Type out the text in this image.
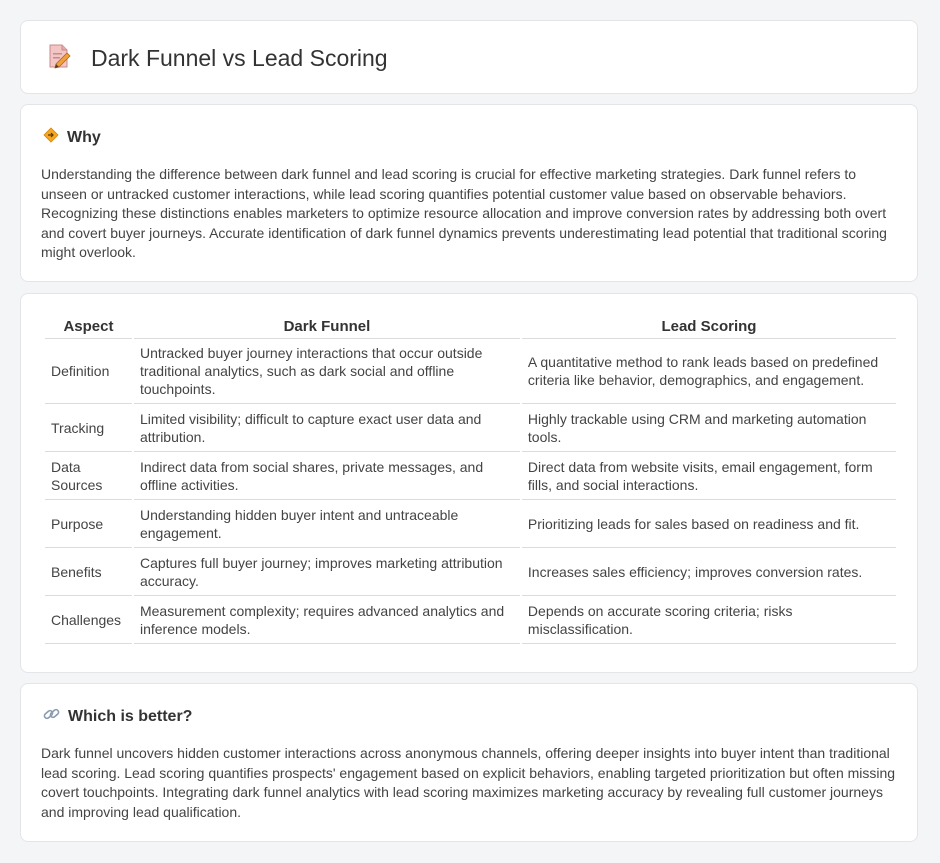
Dark Funnel vs Lead Scoring
Why

Understanding the difference between dark funnel and lead scoring is crucial for effective marketing strategies. Dark funnel refers to unseen or untracked customer interactions, while lead scoring quantifies potential customer value based on observable behaviors. Recognizing these distinctions enables marketers to optimize resource allocation and improve conversion rates by addressing both overt and covert buyer journeys. Accurate identification of dark funnel dynamics prevents underestimating lead potential that traditional scoring might overlook.

Aspect	Dark Funnel	Lead Scoring
Definition	Untracked buyer journey interactions that occur outside traditional analytics, such as dark social and offline touchpoints.	A quantitative method to rank leads based on predefined criteria like behavior, demographics, and engagement.
Tracking	Limited visibility; difficult to capture exact user data and attribution.	Highly trackable using CRM and marketing automation tools.
Data Sources	Indirect data from social shares, private messages, and offline activities.	Direct data from website visits, email engagement, form fills, and social interactions.
Purpose	Understanding hidden buyer intent and untraceable engagement.	Prioritizing leads for sales based on readiness and fit.
Benefits	Captures full buyer journey; improves marketing attribution accuracy.	Increases sales efficiency; improves conversion rates.
Challenges	Measurement complexity; requires advanced analytics and inference models.	Depends on accurate scoring criteria; risks misclassification.
Which is better?

Dark funnel uncovers hidden customer interactions across anonymous channels, offering deeper insights into buyer intent than traditional lead scoring. Lead scoring quantifies prospects' engagement based on explicit behaviors, enabling targeted prioritization but often missing covert touchpoints. Integrating dark funnel analytics with lead scoring maximizes marketing accuracy by revealing full customer journeys and improving lead qualification.
